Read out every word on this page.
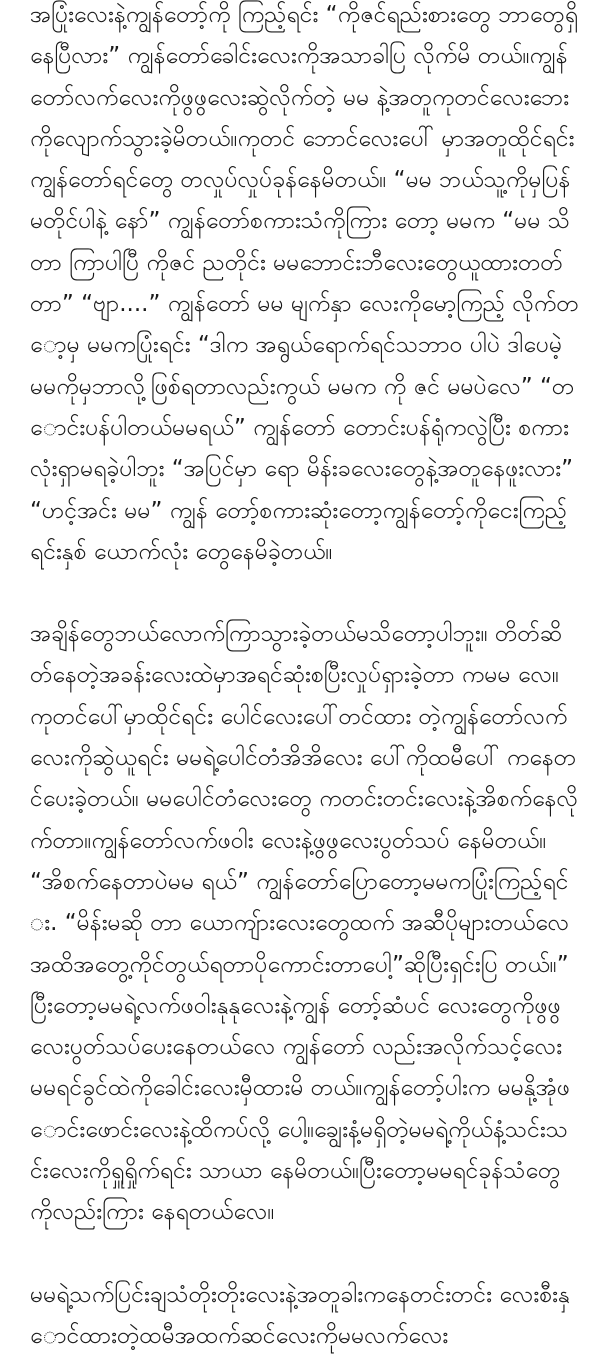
အပြုံးလေးနဲ့ကျွန်တော့်ကို ကြည့်ရင်း “ကိုဇင်ရည်းစားတွေ ဘာတွေရှိနေပြီလား” ကျွန်တော်ခေါင်းလေးကိုအသာခါပြ လိုက်မိ တယ်။ကျွန်တော်လက်လေးကိုဖွဖွလေးဆွဲလိုက်တဲ့ မမ နဲ့အတူကုတင်လေးဘေးကိုလျောက်သွားခဲ့မိတယ်။ကုတင် ဘောင်လေးပေါ် မှာအတူထိုင်ရင်းကျွန်တော်ရင်တွေ တလှုပ်လှုပ်ခုန်နေမိတယ်။ “မမ ဘယ်သူ့ကိုမှပြန်မတိုင်ပါနဲ့ နော်” ကျွန်တော်စကားသံကိုကြား တော့ မမက “မမ သိတာ ကြာပါပြီ ကိုဇင် ညတိုင်း မမဘောင်းဘီလေးတွေယူထားတတ် တာ” “ဗျာ....” ကျွန်တော် မမ မျက်နှာ လေးကိုမော့ကြည့် လိုက်တော့မှ မမကပြုံးရင်း “ဒါက အရွယ်ရောက်ရင်သဘာဝ ပါပဲ ဒါပေမဲ့ မမကိုမှဘာလို့ဖြစ်ရတာလည်းကွယ် မမက ကို ဇင် မမပဲလေ” “တောင်းပန်ပါတယ်မမရယ်” ကျွန်တော် တောင်းပန်ရုံကလွဲပြီး စကားလုံးရှာမရခဲ့ပါဘူး “အပြင်မှာ ရော မိန်းခလေးတွေနဲ့အတူနေဖူးလား” “ဟင့်အင်း မမ” ကျွန် တော့်စကားဆုံးတော့ကျွန်တော့်ကိုငေးကြည့်ရင်းနှစ် ယောက်လုံး တွေနေမိခဲ့တယ်။

အချိန်တွေဘယ်လောက်ကြာသွားခဲ့တယ်မသိတော့ပါဘူး။ တိတ်ဆိတ်နေတဲ့အခန်းလေးထဲမှာအရင်ဆုံးစပြီးလှုပ်ရှားခဲ့တာ ကမမ လေ။ ကုတင်ပေါ်မှာထိုင်ရင်း ပေါင်လေးပေါ်တင်ထား တဲ့ကျွန်တော်လက်လေးကိုဆွဲယူရင်း မမရဲ့ပေါင်တံအိအိလေး ပေါ်ကိုထမီပေါ် ကနေတင်ပေးခဲ့တယ်။ မမပေါင်တံလေးတွေ ကတင်းတင်းလေးနဲ့အိစက်နေလိုက်တာ။ကျွန်တော်လက်ဖဝါး လေးနဲ့ဖွဖွလေးပွတ်သပ် နေမိတယ်။ “အိစက်နေတာပဲမမ ရယ်” ကျွန်တော်ပြောတော့မမကပြုံးကြည့်ရင်း. “မိန်းမဆို တာ ယောကျ်ားလေးတွေထက် အဆီပိုများတယ်လေ အထိအတွေ့ကိုင်တွယ်ရတာပိုကောင်းတာပေါ့”ဆိုပြီးရှင်းပြ တယ်။” ပြီးတော့မမရဲ့လက်ဖဝါးနုနုလေးနဲ့ကျွန် တော့်ဆံပင် လေးတွေကိုဖွဖွလေးပွတ်သပ်ပေးနေတယ်လေ ကျွန်တော် လည်းအလိုက်သင့်လေး မမရင်ခွင်ထဲကိုခေါင်းလေးမှီထားမိ တယ်။ကျွန်တော့်ပါးက မမနို့အုံဖောင်းဖောင်းလေးနဲ့ထိကပ်လို့ ပေါ့။ချွေးနံ့မရှိတဲ့မမရဲ့ကိုယ်နံ့သင်းသင်းလေးကိုရှူရှိုက်ရင်း သာယာ နေမိတယ်။ပြီးတော့မမရင်ခုန်သံတွေကိုလည်းကြား နေရတယ်လေ။

မမရဲ့သက်ပြင်းချသံတိုးတိုးလေးနဲ့အတူခါးကနေတင်းတင်း လေးစီးနှောင်ထားတဲ့ထမီအထက်ဆင်လေးကိုမမလက်လေး
